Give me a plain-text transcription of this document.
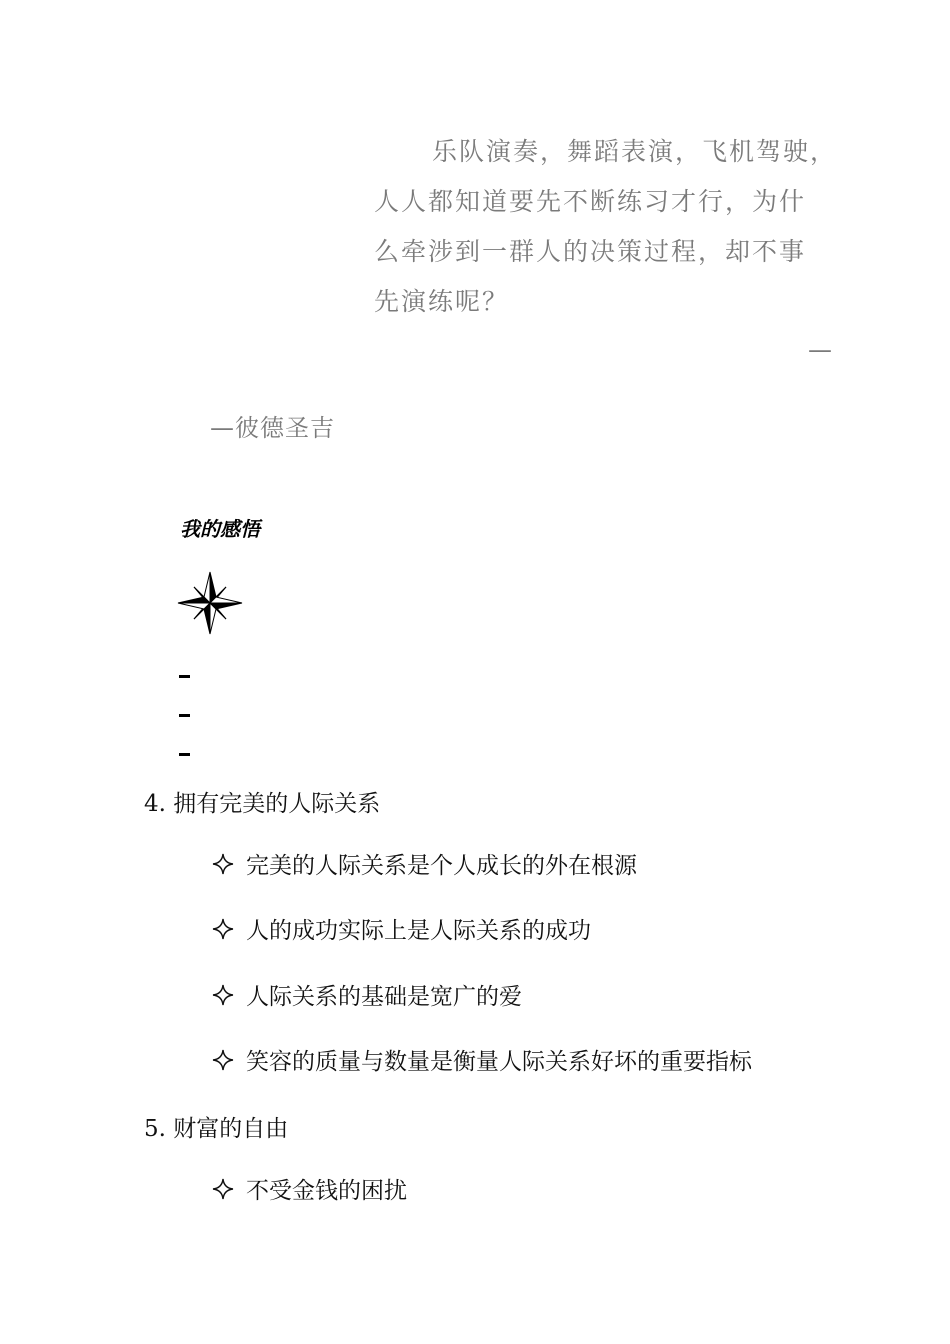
乐队演奏，舞蹈表演，飞机驾驶，
人人都知道要先不断练习才行，为什
么牵涉到一群人的决策过程，却不事
先演练呢？
—
—彼德圣吉
我的感悟
4. 拥有完美的人际关系
完美的人际关系是个人成长的外在根源
人的成功实际上是人际关系的成功
人际关系的基础是宽广的爱
笑容的质量与数量是衡量人际关系好坏的重要指标
5. 财富的自由
不受金钱的困扰
